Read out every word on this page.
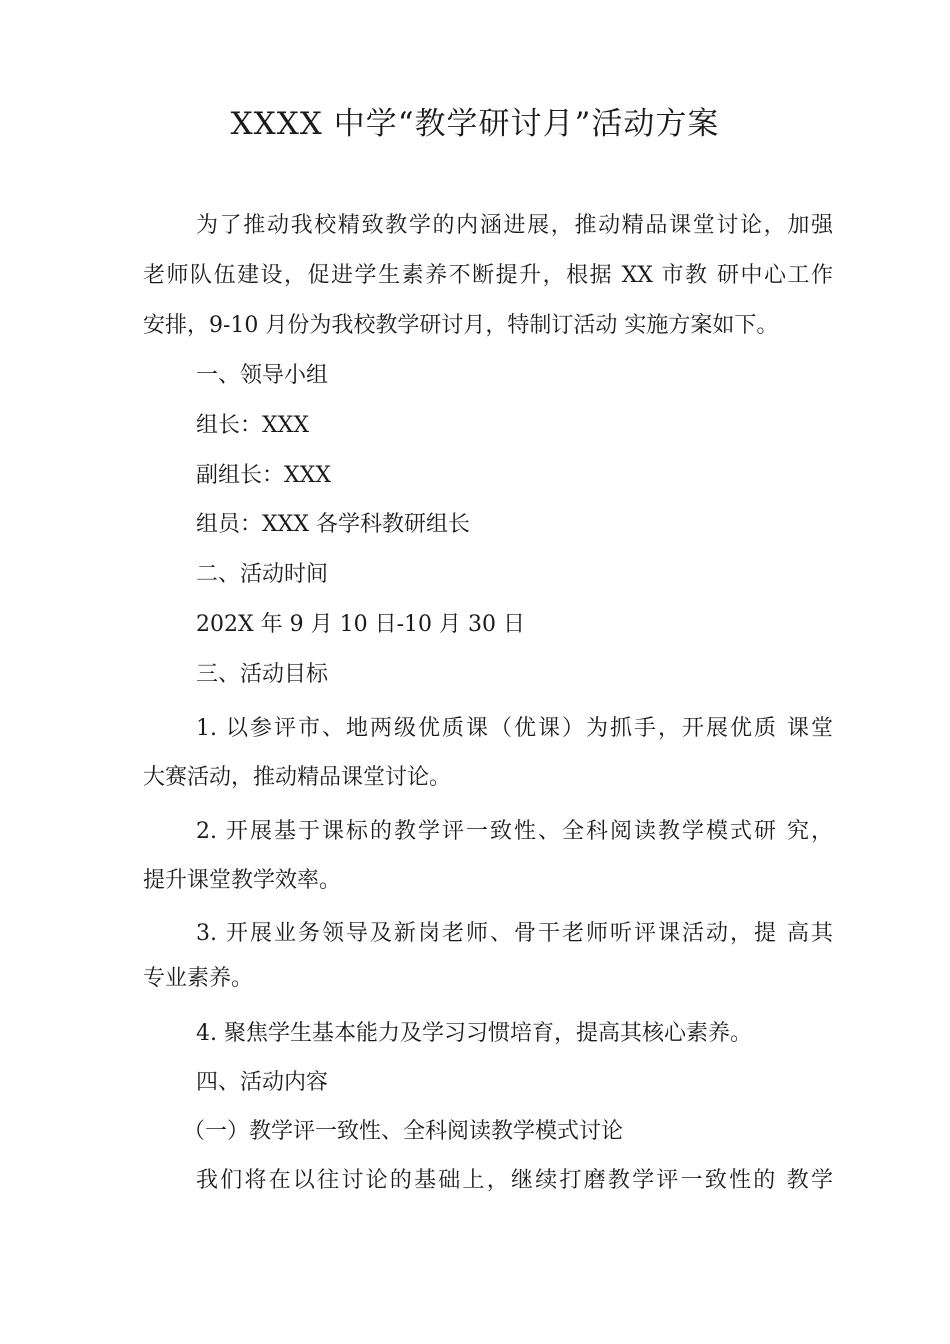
XXXX 中学“教学研讨月”活动方案
为了推动我校精致教学的内涵进展，推动精品课堂讨论，加强
老师队伍建设，促进学生素养不断提升，根据 XX 市教 研中心工作
安排，9-10 月份为我校教学研讨月，特制订活动 实施方案如下。
一、领导小组
组长：XXX
副组长：XXX
组员：XXX 各学科教研组长
二、活动时间
202X 年 9 月 10 日-10 月 30 日
三、活动目标
1. 以参评市、地两级优质课（优课）为抓手，开展优质 课堂
大赛活动，推动精品课堂讨论。
2. 开展基于课标的教学评一致性、全科阅读教学模式研 究，
提升课堂教学效率。
3. 开展业务领导及新岗老师、骨干老师听评课活动，提 高其
专业素养。
4. 聚焦学生基本能力及学习习惯培育，提高其核心素养。
四、活动内容
（一）教学评一致性、全科阅读教学模式讨论
我们将在以往讨论的基础上，继续打磨教学评一致性的 教学
